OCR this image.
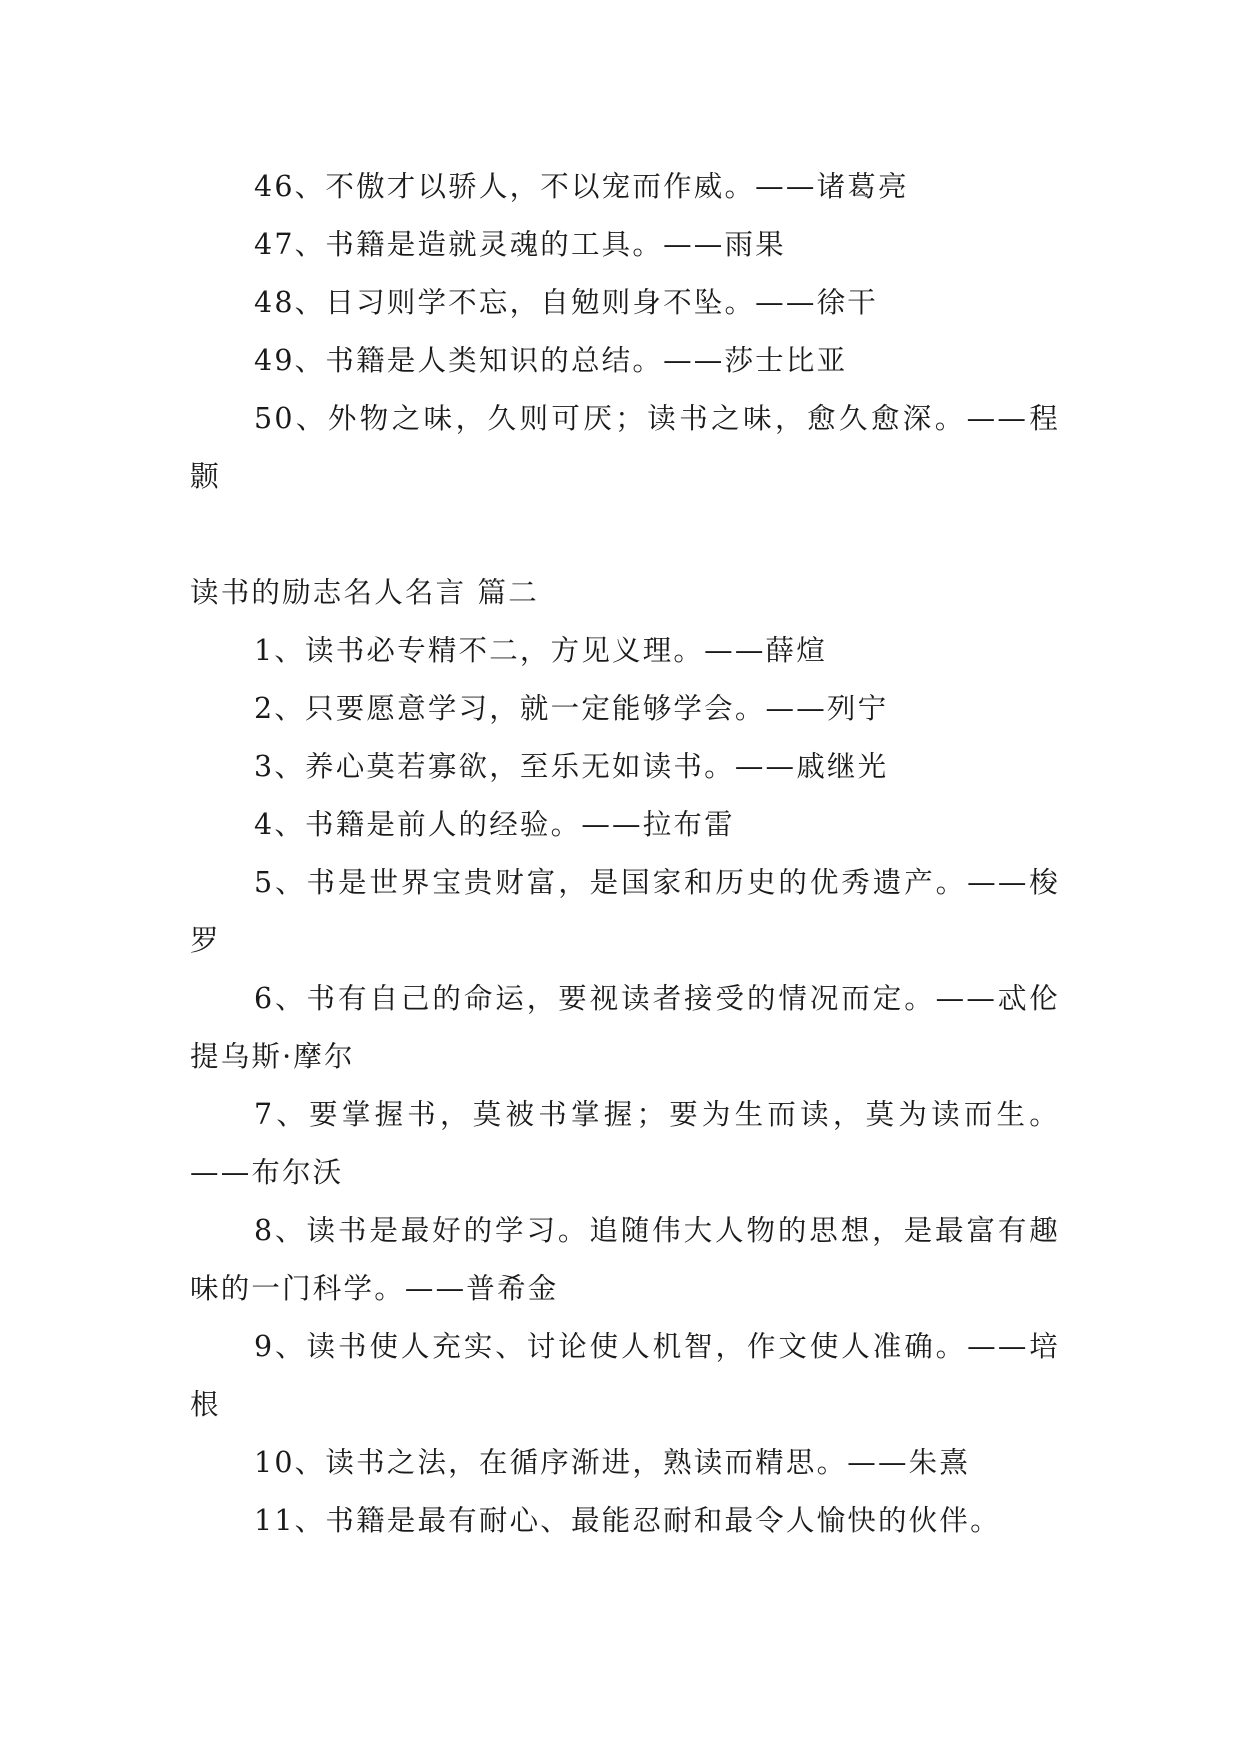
46、不傲才以骄人，不以宠而作威。——诸葛亮

47、书籍是造就灵魂的工具。——雨果

48、日习则学不忘，自勉则身不坠。——徐干

49、书籍是人类知识的总结。——莎士比亚

50、外物之味，久则可厌；读书之味，愈久愈深。——程颢

读书的励志名人名言 篇二

1、读书必专精不二，方见义理。——薛煊

2、只要愿意学习，就一定能够学会。——列宁

3、养心莫若寡欲，至乐无如读书。——戚继光

4、书籍是前人的经验。——拉布雷

5、书是世界宝贵财富，是国家和历史的优秀遗产。——梭罗

6、书有自己的命运，要视读者接受的情况而定。——忒伦提乌斯·摩尔

7、要掌握书，莫被书掌握；要为生而读，莫为读而生。——布尔沃

8、读书是最好的学习。追随伟大人物的思想，是最富有趣味的一门科学。——普希金

9、读书使人充实、讨论使人机智，作文使人准确。——培根

10、读书之法，在循序渐进，熟读而精思。——朱熹

11、书籍是最有耐心、最能忍耐和最令人愉快的伙伴。
